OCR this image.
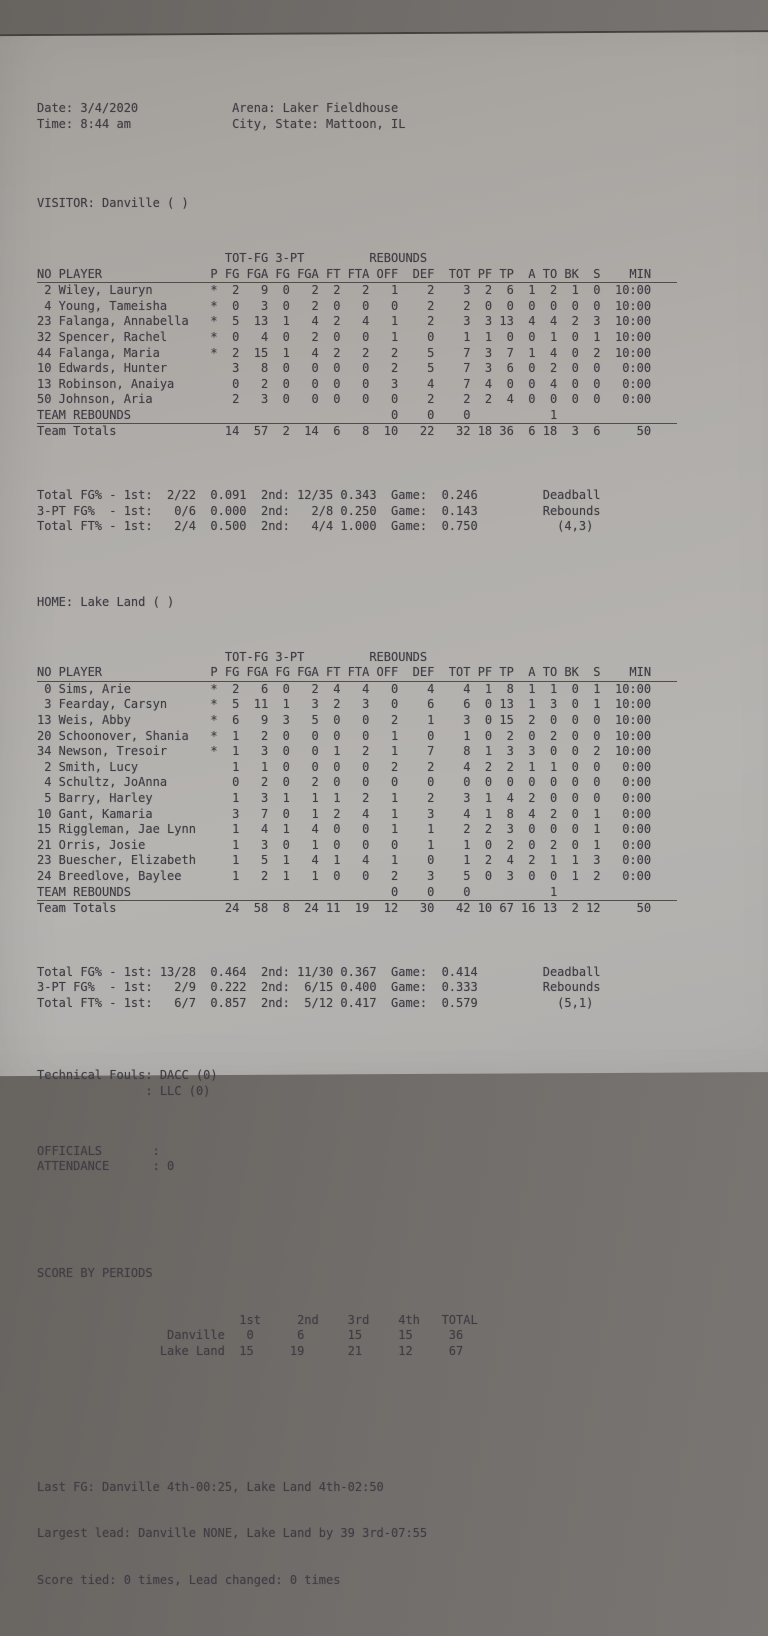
Date: 3/4/2020             Arena: Laker Fieldhouse
Time: 8:44 am              City, State: Mattoon, IL

VISITOR: Danville ( )

TOT-FG 3-PT         REBOUNDS
NO PLAYER               P FG FGA FG FGA FT FTA OFF  DEF  TOT PF TP  A TO BK  S    MIN
2 Wiley, Lauryn        *  2   9  0   2  2   2   1    2    3  2  6  1  2  1  0  10:00
4 Young, Tameisha      *  0   3  0   2  0   0   0    2    2  0  0  0  0  0  0  10:00
23 Falanga, Annabella   *  5  13  1   4  2   4   1    2    3  3 13  4  4  2  3  10:00
32 Spencer, Rachel      *  0   4  0   2  0   0   1    0    1  1  0  0  1  0  1  10:00
44 Falanga, Maria       *  2  15  1   4  2   2   2    5    7  3  7  1  4  0  2  10:00
10 Edwards, Hunter         3   8  0   0  0   0   2    5    7  3  6  0  2  0  0   0:00
13 Robinson, Anaiya        0   2  0   0  0   0   3    4    7  4  0  0  4  0  0   0:00
50 Johnson, Aria           2   3  0   0  0   0   0    2    2  2  4  0  0  0  0   0:00
TEAM REBOUNDS                                    0    0    0           1
Team Totals               14  57  2  14  6   8  10   22   32 18 36  6 18  3  6     50

Total FG% - 1st:  2/22  0.091  2nd: 12/35 0.343  Game:  0.246         Deadball
3-PT FG%  - 1st:   0/6  0.000  2nd:   2/8 0.250  Game:  0.143         Rebounds
Total FT% - 1st:   2/4  0.500  2nd:   4/4 1.000  Game:  0.750           (4,3)

HOME: Lake Land ( )

TOT-FG 3-PT         REBOUNDS
NO PLAYER               P FG FGA FG FGA FT FTA OFF  DEF  TOT PF TP  A TO BK  S    MIN
0 Sims, Arie           *  2   6  0   2  4   4   0    4    4  1  8  1  1  0  1  10:00
3 Fearday, Carsyn      *  5  11  1   3  2   3   0    6    6  0 13  1  3  0  1  10:00
13 Weis, Abby           *  6   9  3   5  0   0   2    1    3  0 15  2  0  0  0  10:00
20 Schoonover, Shania   *  1   2  0   0  0   0   1    0    1  0  2  0  2  0  0  10:00
34 Newson, Tresoir      *  1   3  0   0  1   2   1    7    8  1  3  3  0  0  2  10:00
2 Smith, Lucy             1   1  0   0  0   0   2    2    4  2  2  1  1  0  0   0:00
4 Schultz, JoAnna         0   2  0   2  0   0   0    0    0  0  0  0  0  0  0   0:00
5 Barry, Harley           1   3  1   1  1   2   1    2    3  1  4  2  0  0  0   0:00
10 Gant, Kamaria           3   7  0   1  2   4   1    3    4  1  8  4  2  0  1   0:00
15 Riggleman, Jae Lynn     1   4  1   4  0   0   1    1    2  2  3  0  0  0  1   0:00
21 Orris, Josie            1   3  0   1  0   0   0    1    1  0  2  0  2  0  1   0:00
23 Buescher, Elizabeth     1   5  1   4  1   4   1    0    1  2  4  2  1  1  3   0:00
24 Breedlove, Baylee       1   2  1   1  0   0   2    3    5  0  3  0  0  1  2   0:00
TEAM REBOUNDS                                    0    0    0           1
Team Totals               24  58  8  24 11  19  12   30   42 10 67 16 13  2 12     50

Total FG% - 1st: 13/28  0.464  2nd: 11/30 0.367  Game:  0.414         Deadball
3-PT FG%  - 1st:   2/9  0.222  2nd:  6/15 0.400  Game:  0.333         Rebounds
Total FT% - 1st:   6/7  0.857  2nd:  5/12 0.417  Game:  0.579           (5,1)

Technical Fouls: DACC (0)
: LLC (0)

OFFICIALS       :
ATTENDANCE      : 0

SCORE BY PERIODS

1st     2nd    3rd    4th   TOTAL
Danville   0      6      15     15     36
Lake Land  15     19      21     12     67

Last FG: Danville 4th-00:25, Lake Land 4th-02:50

Largest lead: Danville NONE, Lake Land by 39 3rd-07:55

Score tied: 0 times, Lead changed: 0 times
